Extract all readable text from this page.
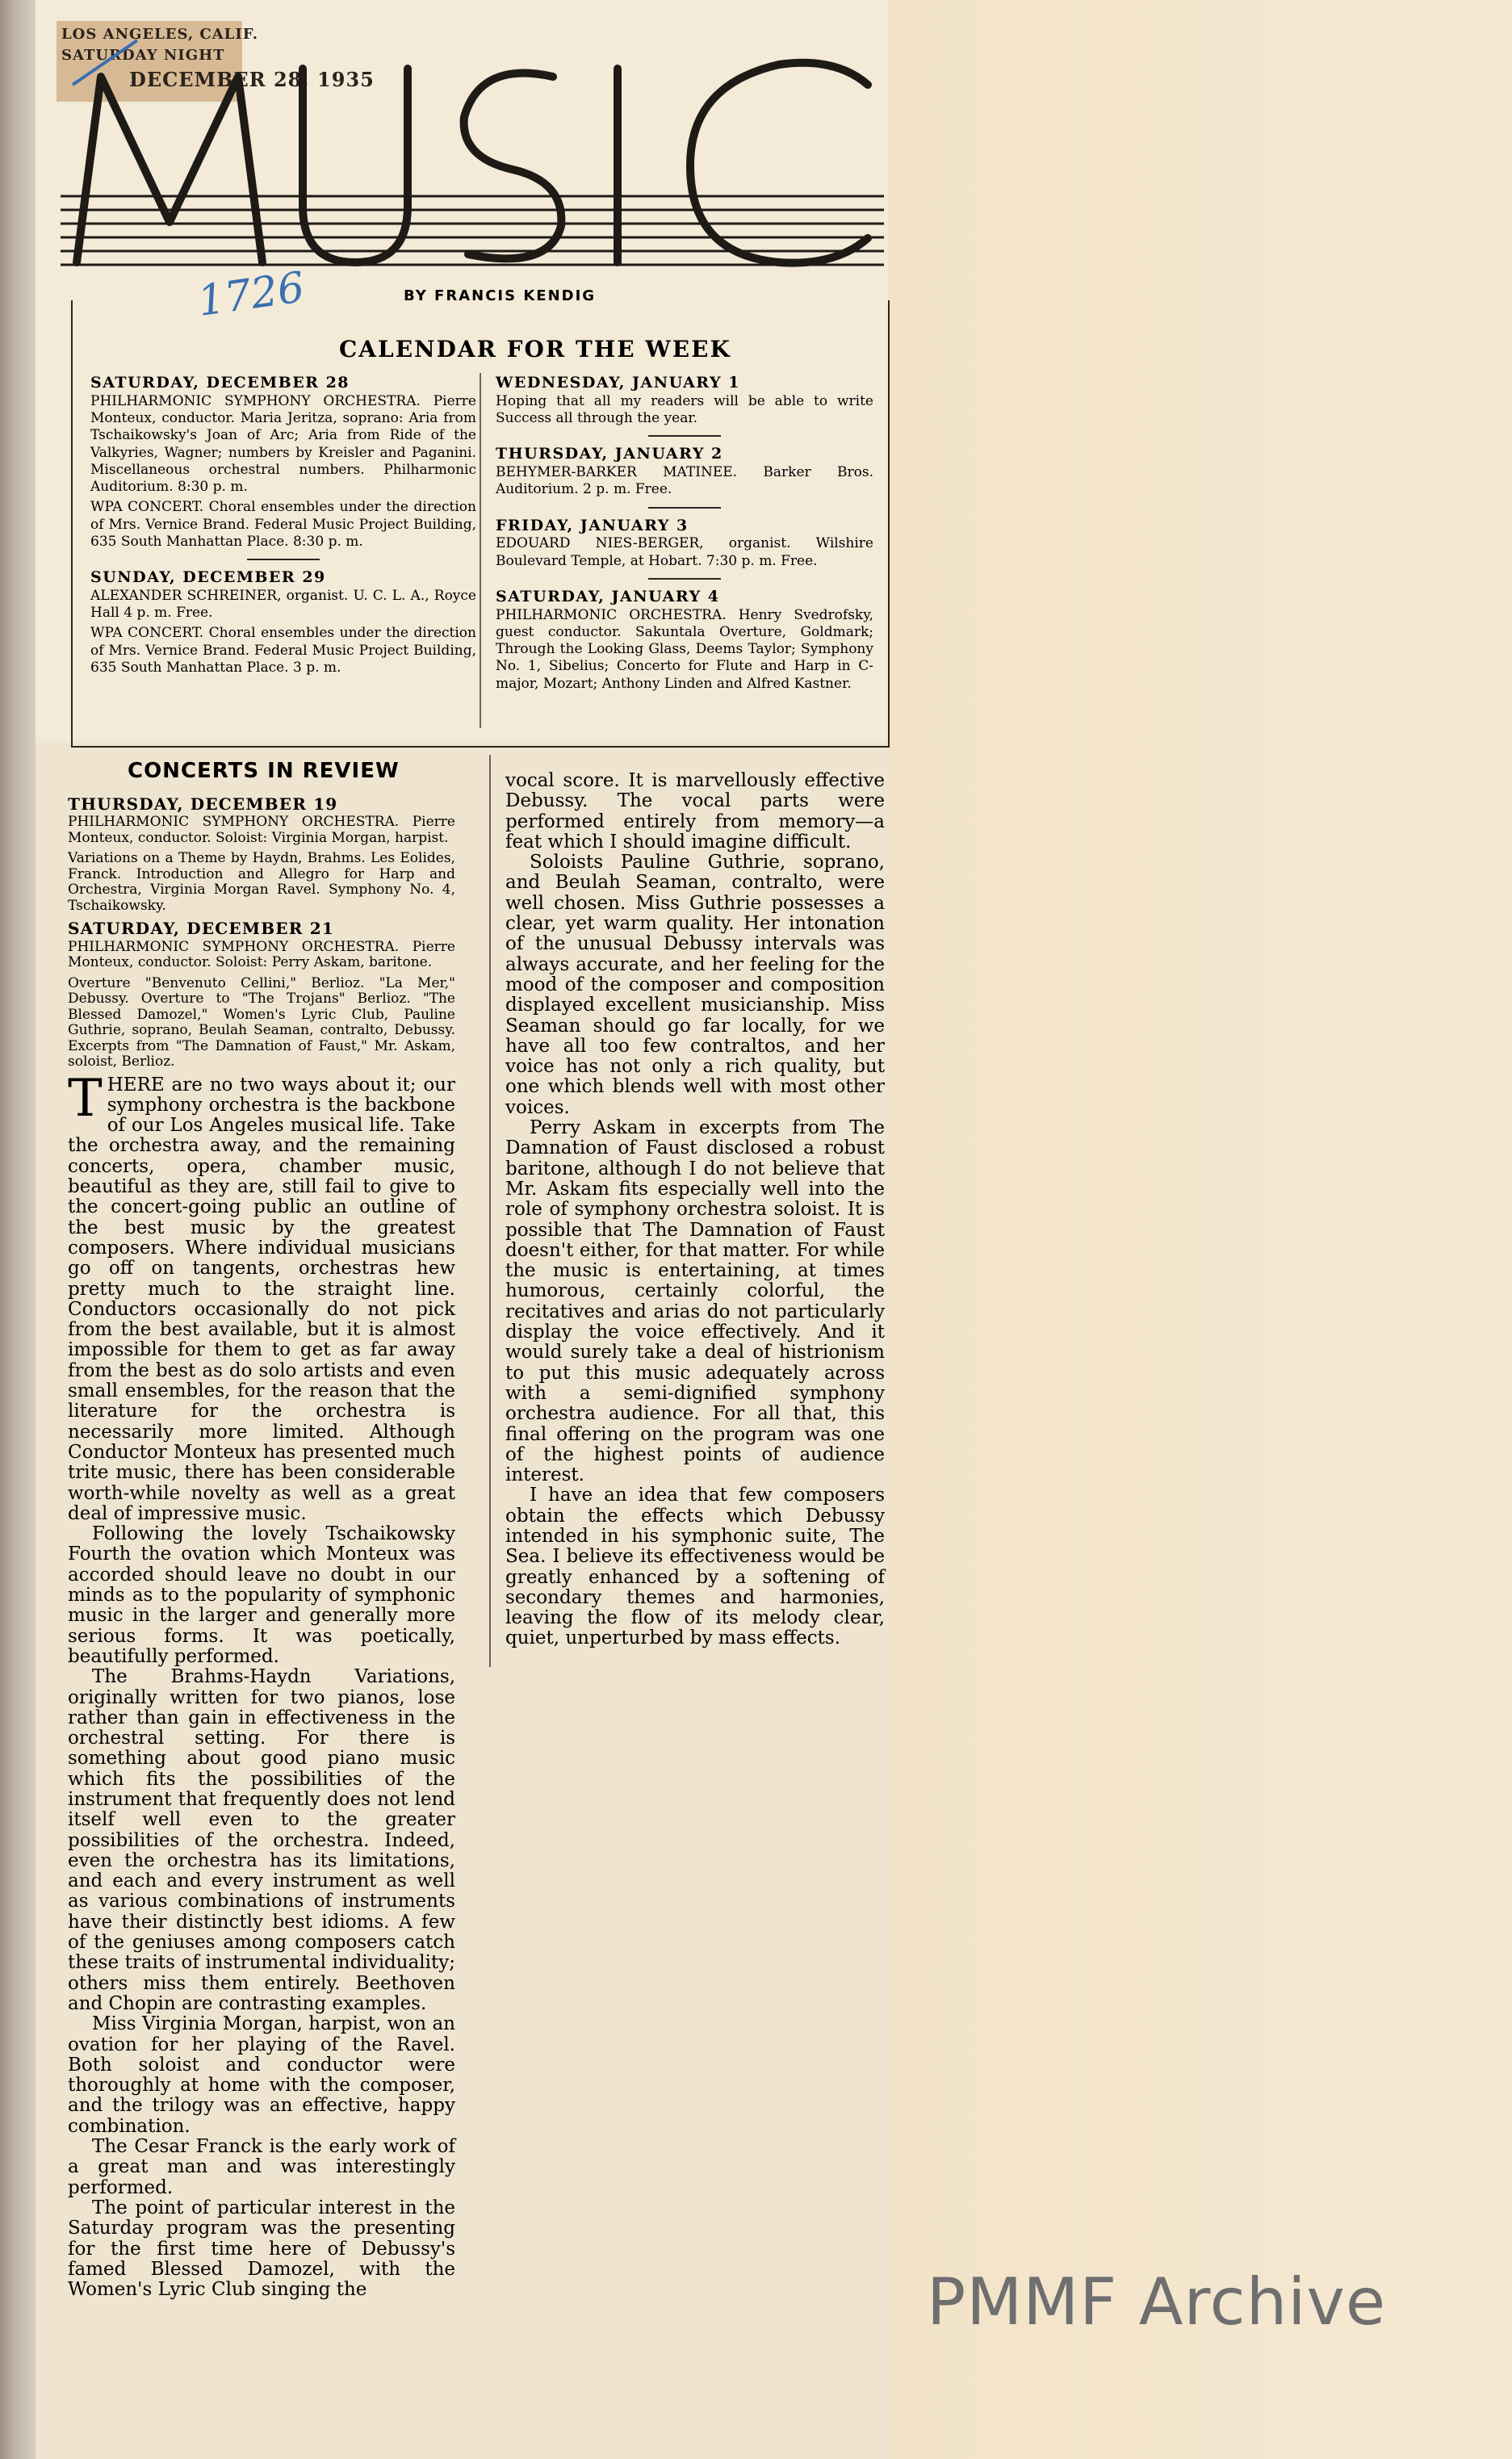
LOS ANGELES, CALIF.
SATURDAY NIGHT
DECEMBER 28, 1935
BY FRANCIS KENDIG
1726
CALENDAR FOR THE WEEK
SATURDAY, DECEMBER 28

PHILHARMONIC SYMPHONY ORCHESTRA. Pierre Monteux, conductor. Maria Jeritza, soprano: Aria from Tschaikowsky's Joan of Arc; Aria from Ride of the Valkyries, Wagner; numbers by Kreisler and Paganini. Miscellaneous orchestral numbers. Philharmonic Auditorium. 8:30 p. m.

WPA CONCERT. Choral ensembles under the direction of Mrs. Vernice Brand. Federal Music Project Building, 635 South Manhattan Place. 8:30 p. m.

SUNDAY, DECEMBER 29

ALEXANDER SCHREINER, organist. U. C. L. A., Royce Hall 4 p. m. Free.

WPA CONCERT. Choral ensembles under the direction of Mrs. Vernice Brand. Federal Music Project Building, 635 South Manhattan Place. 3 p. m.

WEDNESDAY, JANUARY 1

Hoping that all my readers will be able to write Success all through the year.

THURSDAY, JANUARY 2

BEHYMER-BARKER MATINEE. Barker Bros. Auditorium. 2 p. m. Free.

FRIDAY, JANUARY 3

EDOUARD NIES-BERGER, organist. Wilshire Boulevard Temple, at Hobart. 7:30 p. m. Free.

SATURDAY, JANUARY 4

PHILHARMONIC ORCHESTRA. Henry Svedrofsky, guest conductor. Sakuntala Overture, Goldmark; Through the Looking Glass, Deems Taylor; Symphony No. 1, Sibelius; Concerto for Flute and Harp in C-major, Mozart; Anthony Linden and Alfred Kastner.

CONCERTS IN REVIEW
THURSDAY, DECEMBER 19

PHILHARMONIC SYMPHONY ORCHESTRA. Pierre Monteux, conductor. Soloist: Virginia Morgan, harpist.

Variations on a Theme by Haydn, Brahms. Les Eolides, Franck. Introduction and Allegro for Harp and Orchestra, Virginia Morgan Ravel. Symphony No. 4, Tschaikowsky.

SATURDAY, DECEMBER 21

PHILHARMONIC SYMPHONY ORCHESTRA. Pierre Monteux, conductor. Soloist: Perry Askam, baritone.

Overture "Benvenuto Cellini," Berlioz. "La Mer," Debussy. Overture to "The Trojans" Berlioz. "The Blessed Damozel," Women's Lyric Club, Pauline Guthrie, soprano, Beulah Seaman, contralto, Debussy. Excerpts from "The Damnation of Faust," Mr. Askam, soloist, Berlioz.

THERE are no two ways about it; our symphony orchestra is the backbone of our Los Angeles musical life. Take the orchestra away, and the remaining concerts, opera, chamber music, beautiful as they are, still fail to give to the concert-going public an outline of the best music by the greatest composers. Where individual musicians go off on tangents, orchestras hew pretty much to the straight line. Conductors occasionally do not pick from the best available, but it is almost impossible for them to get as far away from the best as do solo artists and even small ensembles, for the reason that the literature for the orchestra is necessarily more limited. Although Conductor Monteux has presented much trite music, there has been considerable worth-while novelty as well as a great deal of impressive music.

Following the lovely Tschaikowsky Fourth the ovation which Monteux was accorded should leave no doubt in our minds as to the popularity of symphonic music in the larger and generally more serious forms. It was poetically, beautifully performed.

The Brahms-Haydn Variations, originally written for two pianos, lose rather than gain in effectiveness in the orchestral setting. For there is something about good piano music which fits the possibilities of the instrument that frequently does not lend itself well even to the greater possibilities of the orchestra. Indeed, even the orchestra has its limitations, and each and every instrument as well as various combinations of instruments have their distinctly best idioms. A few of the geniuses among composers catch these traits of instrumental individuality; others miss them entirely. Beethoven and Chopin are contrasting examples.

Miss Virginia Morgan, harpist, won an ovation for her playing of the Ravel. Both soloist and conductor were thoroughly at home with the composer, and the trilogy was an effective, happy combination.

The Cesar Franck is the early work of a great man and was interestingly performed.

The point of particular interest in the Saturday program was the presenting for the first time here of Debussy's famed Blessed Damozel, with the Women's Lyric Club singing the

vocal score. It is marvellously effective Debussy. The vocal parts were performed entirely from memory—a feat which I should imagine difficult.

Soloists Pauline Guthrie, soprano, and Beulah Seaman, contralto, were well chosen. Miss Guthrie possesses a clear, yet warm quality. Her intonation of the unusual Debussy intervals was always accurate, and her feeling for the mood of the composer and composition displayed excellent musicianship. Miss Seaman should go far locally, for we have all too few contraltos, and her voice has not only a rich quality, but one which blends well with most other voices.

Perry Askam in excerpts from The Damnation of Faust disclosed a robust baritone, although I do not believe that Mr. Askam fits especially well into the role of symphony orchestra soloist. It is possible that The Damnation of Faust doesn't either, for that matter. For while the music is entertaining, at times humorous, certainly colorful, the recitatives and arias do not particularly display the voice effectively. And it would surely take a deal of histrionism to put this music adequately across with a semi-dignified symphony orchestra audience. For all that, this final offering on the program was one of the highest points of audience interest.

I have an idea that few composers obtain the effects which Debussy intended in his symphonic suite, The Sea. I believe its effectiveness would be greatly enhanced by a softening of secondary themes and harmonies, leaving the flow of its melody clear, quiet, unperturbed by mass effects.

PMMF Archive
